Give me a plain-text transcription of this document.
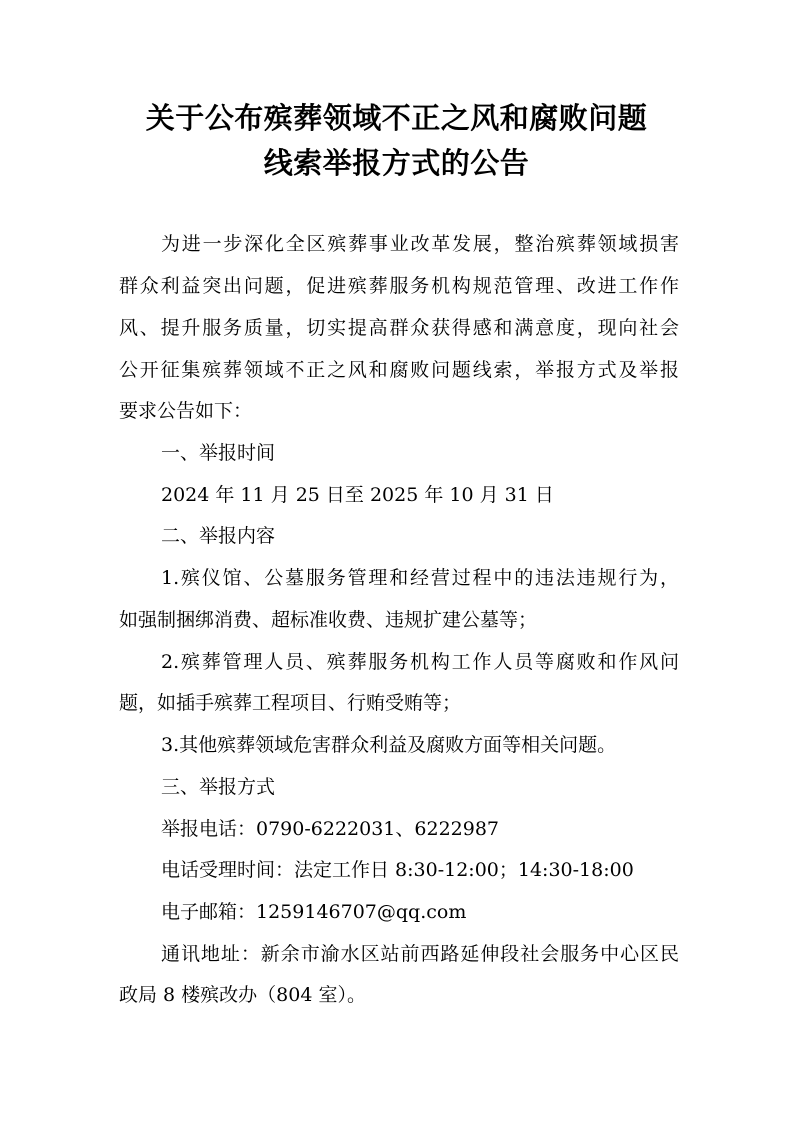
关于公布殡葬领域不正之风和腐败问题
线索举报方式的公告
为进一步深化全区殡葬事业改革发展，整治殡葬领域损害
群众利益突出问题，促进殡葬服务机构规范管理、改进工作作
风、提升服务质量，切实提高群众获得感和满意度，现向社会
公开征集殡葬领域不正之风和腐败问题线索，举报方式及举报
要求公告如下：
一、举报时间
2024 年 11 月 25 日至 2025 年 10 月 31 日
二、举报内容
1.殡仪馆、公墓服务管理和经营过程中的违法违规行为，
如强制捆绑消费、超标准收费、违规扩建公墓等；
2.殡葬管理人员、殡葬服务机构工作人员等腐败和作风问
题，如插手殡葬工程项目、行贿受贿等；
3.其他殡葬领域危害群众利益及腐败方面等相关问题。
三、举报方式
举报电话：0790-6222031、6222987
电话受理时间：法定工作日 8:30-12:00；14:30-18:00
电子邮箱：1259146707@qq.com
通讯地址：新余市渝水区站前西路延伸段社会服务中心区民
政局 8 楼殡改办（804 室）。
